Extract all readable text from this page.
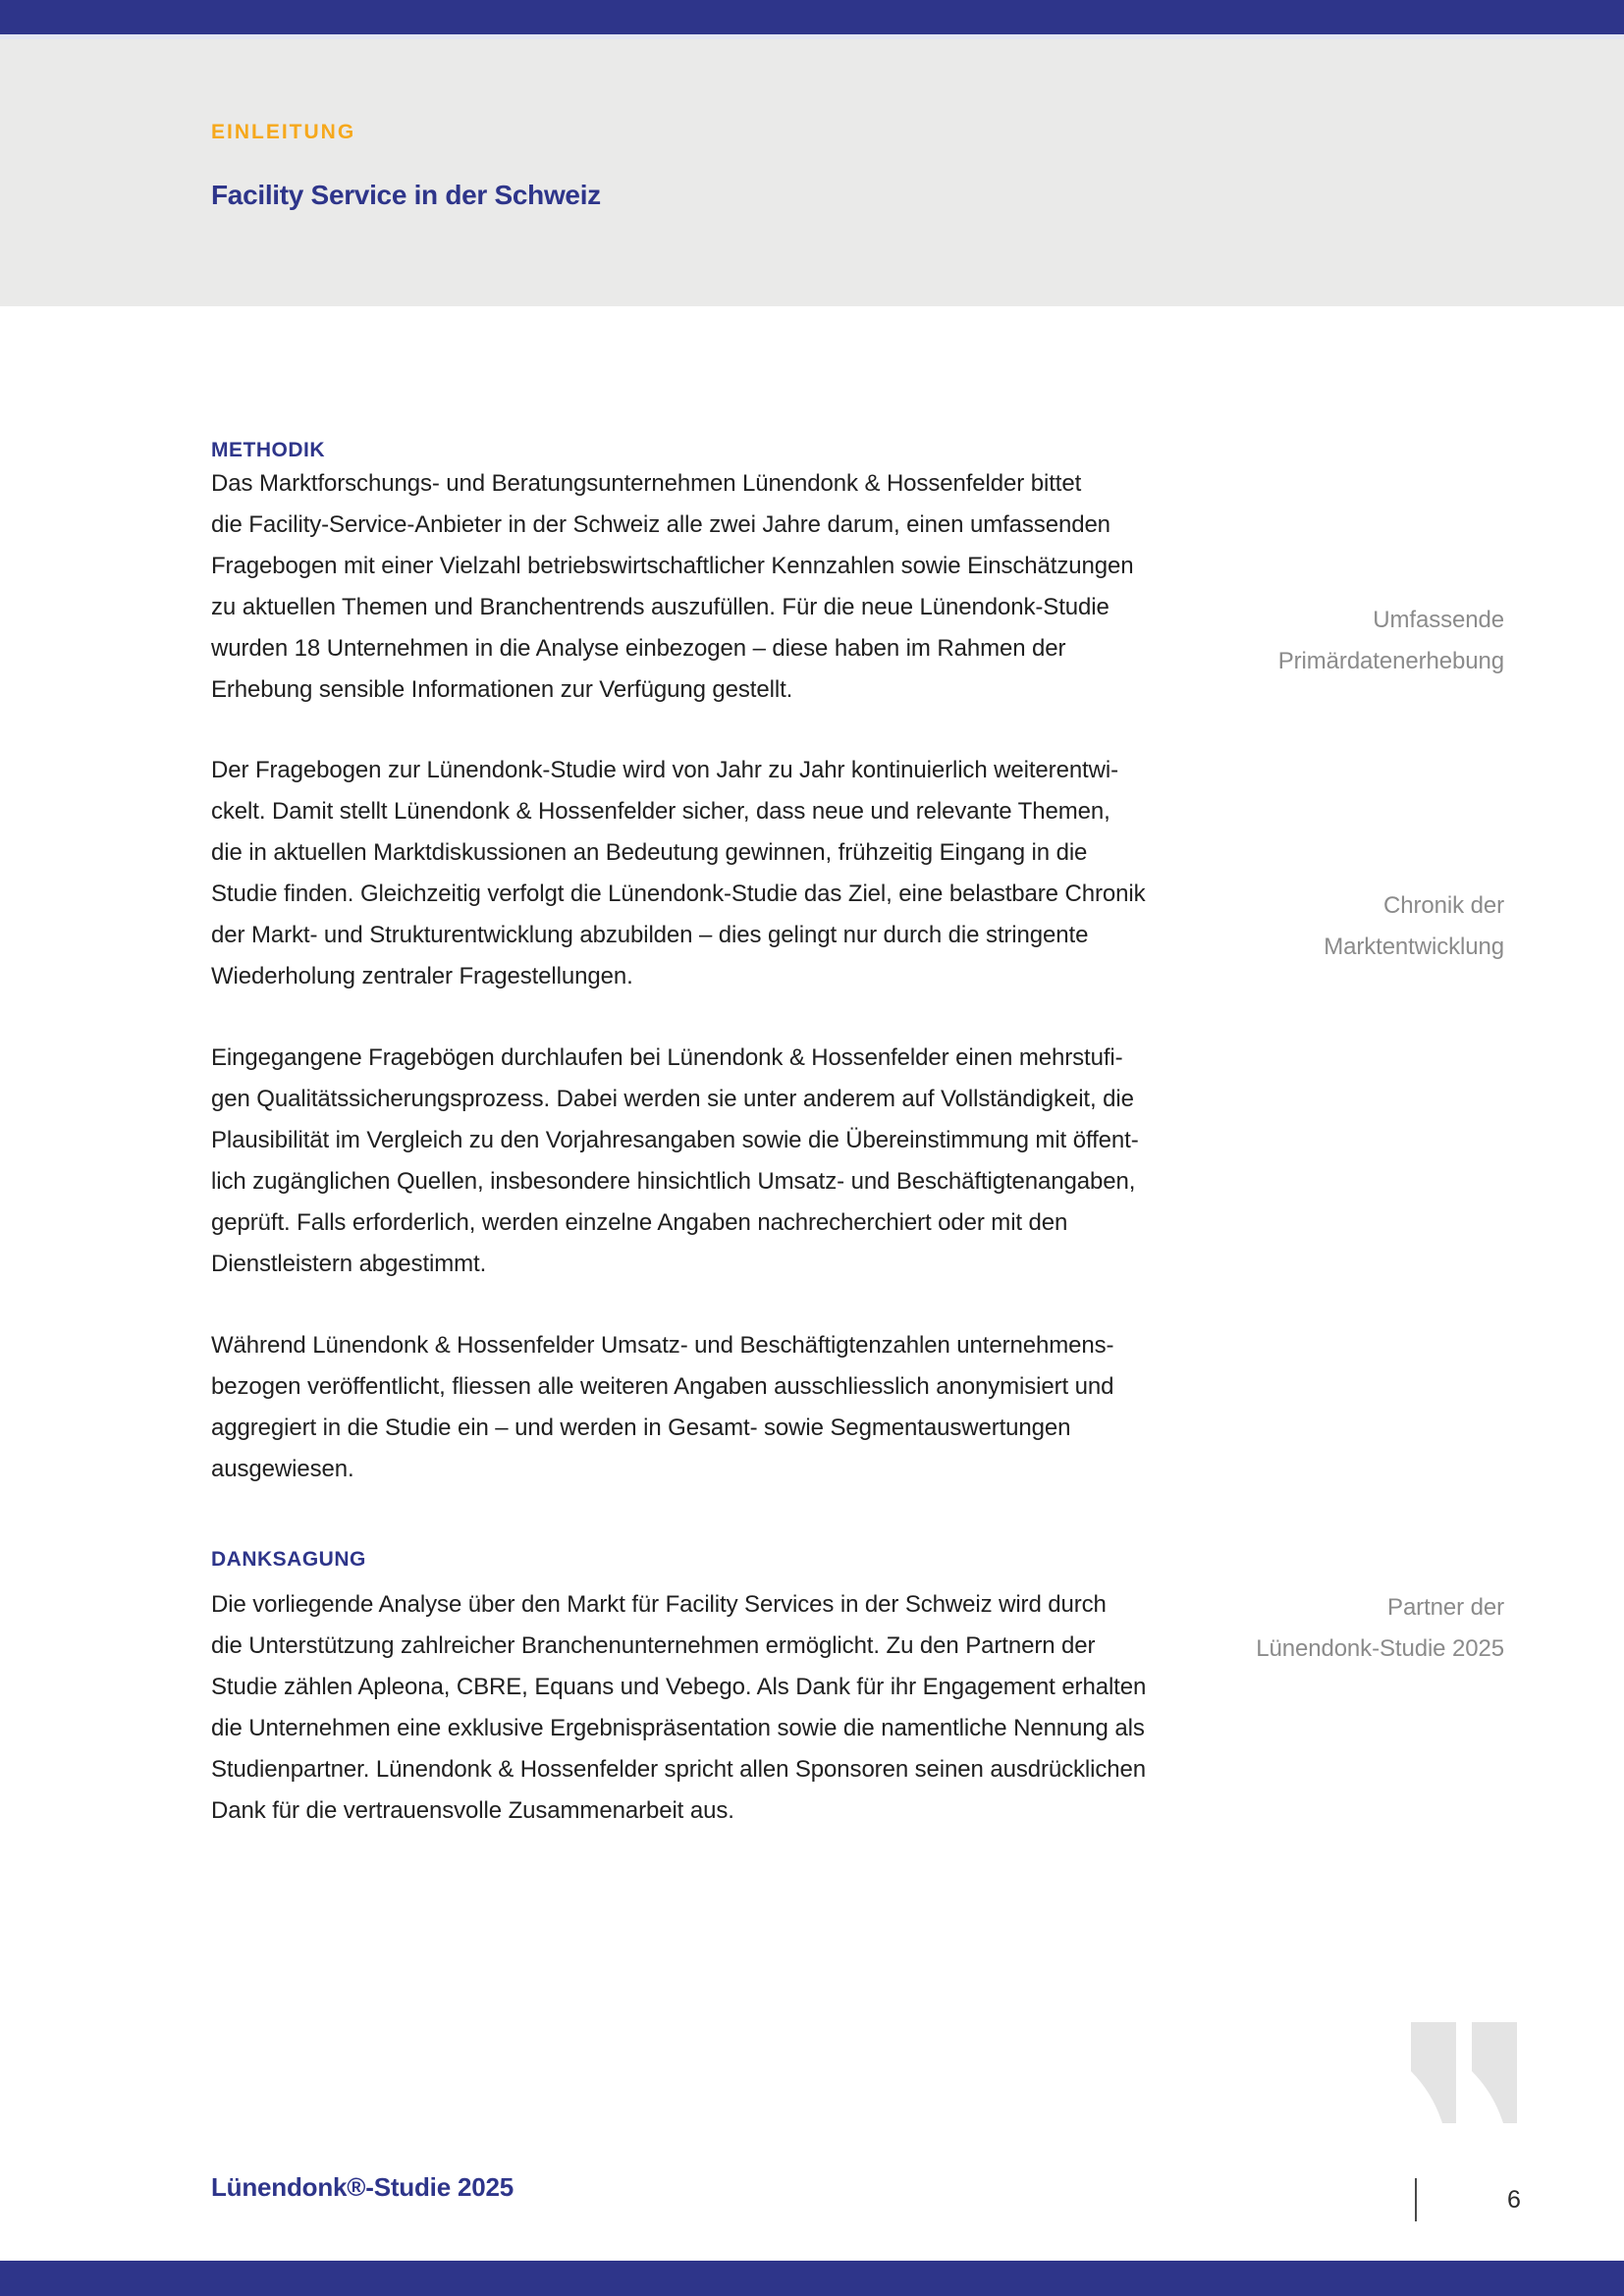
EINLEITUNG
Facility Service in der Schweiz
METHODIK
Das Marktforschungs- und Beratungsunternehmen Lünendonk & Hossenfelder bittet
die Facility-Service-Anbieter in der Schweiz alle zwei Jahre darum, einen umfassenden
Fragebogen mit einer Vielzahl betriebswirtschaftlicher Kennzahlen sowie Einschätzungen
zu aktuellen Themen und Branchentrends auszufüllen. Für die neue Lünendonk-Studie
wurden 18 Unternehmen in die Analyse einbezogen – diese haben im Rahmen der
Erhebung sensible Informationen zur Verfügung gestellt.
Der Fragebogen zur Lünendonk-Studie wird von Jahr zu Jahr kontinuierlich weiterentwi-
ckelt. Damit stellt Lünendonk & Hossenfelder sicher, dass neue und relevante Themen,
die in aktuellen Marktdiskussionen an Bedeutung gewinnen, frühzeitig Eingang in die
Studie finden. Gleichzeitig verfolgt die Lünendonk-Studie das Ziel, eine belastbare Chronik
der Markt- und Strukturentwicklung abzubilden – dies gelingt nur durch die stringente
Wiederholung zentraler Fragestellungen.
Eingegangene Fragebögen durchlaufen bei Lünendonk & Hossenfelder einen mehrstufi-
gen Qualitätssicherungsprozess. Dabei werden sie unter anderem auf Vollständigkeit, die
Plausibilität im Vergleich zu den Vorjahresangaben sowie die Übereinstimmung mit öffent-
lich zugänglichen Quellen, insbesondere hinsichtlich Umsatz- und Beschäftigtenangaben,
geprüft. Falls erforderlich, werden einzelne Angaben nachrecherchiert oder mit den
Dienstleistern abgestimmt.
Während Lünendonk & Hossenfelder Umsatz- und Beschäftigtenzahlen unternehmens-
bezogen veröffentlicht, fliessen alle weiteren Angaben ausschliesslich anonymisiert und
aggregiert in die Studie ein – und werden in Gesamt- sowie Segmentauswertungen
ausgewiesen.
DANKSAGUNG
Die vorliegende Analyse über den Markt für Facility Services in der Schweiz wird durch
die Unterstützung zahlreicher Branchenunternehmen ermöglicht. Zu den Partnern der
Studie zählen Apleona, CBRE, Equans und Vebego. Als Dank für ihr Engagement erhalten
die Unternehmen eine exklusive Ergebnispräsentation sowie die namentliche Nennung als
Studienpartner. Lünendonk & Hossenfelder spricht allen Sponsoren seinen ausdrücklichen
Dank für die vertrauensvolle Zusammenarbeit aus.
Umfassende
Primärdatenerhebung
Chronik der
Marktentwicklung
Partner der
Lünendonk-Studie 2025
Lünendonk®-Studie 2025	6
